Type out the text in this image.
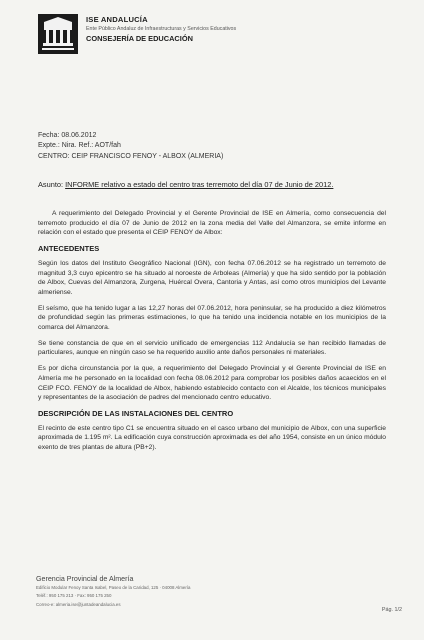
ISE ANDALUCÍA
Ente Público Andaluz de Infraestructuras y Servicios Educativos
CONSEJERÍA DE EDUCACIÓN
Fecha: 08.06.2012
Expte.: Nira. Ref.: AOT/fah
CENTRO: CEIP FRANCISCO FENOY - ALBOX (ALMERIA)
Asunto: INFORME relativo a estado del centro tras terremoto del día 07 de Junio de 2012.

A requerimiento del Delegado Provincial y el Gerente Provincial de ISE en Almería, como consecuencia del terremoto producido el día 07 de Junio de 2012 en la zona media del Valle del Almanzora, se emite informe en relación con el estado que presenta el CEIP FENOY de Albox:

ANTECEDENTES

Según los datos del Instituto Geográfico Nacional (IGN), con fecha 07.06.2012 se ha registrado un terremoto de magnitud 3,3 cuyo epicentro se ha situado al noroeste de Arboleas (Almería) y que ha sido sentido por la población de Albox, Cuevas del Almanzora, Zurgena, Huércal Overa, Cantoria y Antas, así como otros municipios del Levante almeriense.

El seísmo, que ha tenido lugar a las 12,27 horas del 07.06.2012, hora peninsular, se ha producido a diez kilómetros de profundidad según las primeras estimaciones, lo que ha tenido una incidencia notable en los municipios de la comarca del Almanzora.

Se tiene constancia de que en el servicio unificado de emergencias 112 Andalucía se han recibido llamadas de particulares, aunque en ningún caso se ha requerido auxilio ante daños personales ni materiales.

Es por dicha circunstancia por la que, a requerimiento del Delegado Provincial y el Gerente Provincial de ISE en Almería me he personado en la localidad con fecha 08.06.2012 para comprobar los posibles daños acaecidos en el CEIP FCO. FENOY de la localidad de Albox, habiendo establecido contacto con el Alcalde, los técnicos municipales y representantes de la asociación de padres del mencionado centro educativo.

DESCRIPCIÓN DE LAS INSTALACIONES DEL CENTRO

El recinto de este centro tipo C1 se encuentra situado en el casco urbano del municipio de Albox, con una superficie aproximada de 1.195 m². La edificación cuya construcción aproximada es del año 1954, consiste en un único módulo exento de tres plantas de altura (PB+2).

Gerencia Provincial de Almería
Edificio Modular Fenoy Santa Isabel, Paseo de la Caridad, 125 · 04008 Almería
Teléf.: 950 175 213 · Fax: 950 175 250
Correo-e: almeria.ise@juntadeandalucia.es
Pág. 1/2
